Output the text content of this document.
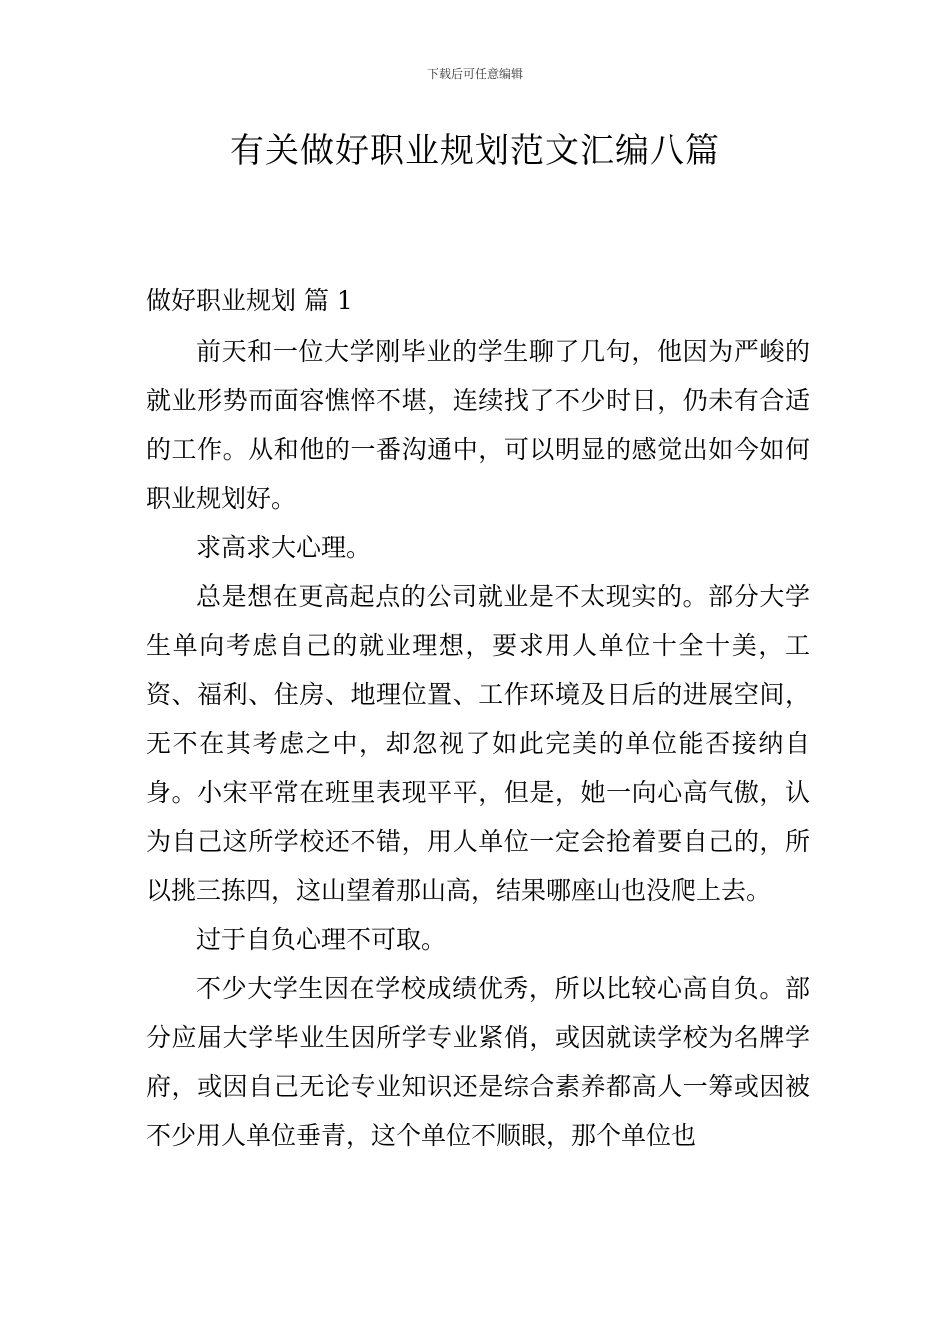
下载后可任意编辑
有关做好职业规划范文汇编八篇

做好职业规划 篇 1

前天和一位大学刚毕业的学生聊了几句，他因为严峻的就业形势而面容憔悴不堪，连续找了不少时日，仍未有合适的工作。从和他的一番沟通中，可以明显的感觉出如今如何职业规划好。

求高求大心理。

总是想在更高起点的公司就业是不太现实的。部分大学生单向考虑自己的就业理想，要求用人单位十全十美，工资、福利、住房、地理位置、工作环境及日后的进展空间，无不在其考虑之中，却忽视了如此完美的单位能否接纳自身。小宋平常在班里表现平平，但是，她一向心高气傲，认为自己这所学校还不错，用人单位一定会抢着要自己的，所以挑三拣四，这山望着那山高，结果哪座山也没爬上去。

过于自负心理不可取。

不少大学生因在学校成绩优秀，所以比较心高自负。部分应届大学毕业生因所学专业紧俏，或因就读学校为名牌学府，或因自己无论专业知识还是综合素养都高人一筹或因被不少用人单位垂青，这个单位不顺眼，那个单位也
